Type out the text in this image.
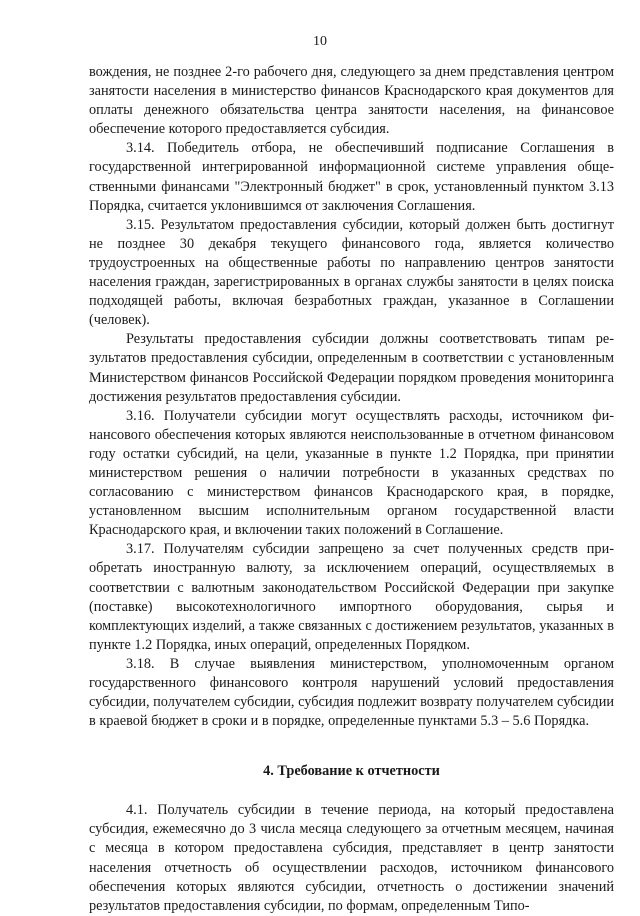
10

вождения, не позднее 2-го рабочего дня, следующего за днем представления центром занятости населения в министерство финансов Краснодарского края документов для оплаты денежного обязательства центра занятости населения, на финансовое обеспечение которого предоставляется субсидия.

3.14. Победитель отбора, не обеспечивший подписание Соглашения в государственной интегрированной информационной системе управления общественными финансами "Электронный бюджет" в срок, установленный пунктом 3.13 Порядка, считается уклонившимся от заключения Соглашения.

3.15. Результатом предоставления субсидии, который должен быть достигнут не позднее 30 декабря текущего финансового года, является количество трудоустроенных на общественные работы по направлению центров занятости населения граждан, зарегистрированных в органах службы занятости в целях поиска подходящей работы, включая безработных граждан, указанное в Соглашении (человек).

Результаты предоставления субсидии должны соответствовать типам результатов предоставления субсидии, определенным в соответствии с установленным Министерством финансов Российской Федерации порядком проведения мониторинга достижения результатов предоставления субсидии.

3.16. Получатели субсидии могут осуществлять расходы, источником финансового обеспечения которых являются неиспользованные в отчетном финансовом году остатки субсидий, на цели, указанные в пункте 1.2 Порядка, при принятии министерством решения о наличии потребности в указанных средствах по согласованию с министерством финансов Краснодарского края, в порядке, установленном высшим исполнительным органом государственной власти Краснодарского края, и включении таких положений в Соглашение.

3.17. Получателям субсидии запрещено за счет полученных средств приобретать иностранную валюту, за исключением операций, осуществляемых в соответствии с валютным законодательством Российской Федерации при закупке (поставке) высокотехнологичного импортного оборудования, сырья и комплектующих изделий, а также связанных с достижением результатов, указанных в пункте 1.2 Порядка, иных операций, определенных Порядком.

3.18. В случае выявления министерством, уполномоченным органом государственного финансового контроля нарушений условий предоставления субсидии, получателем субсидии, субсидия подлежит возврату получателем субсидии в краевой бюджет в сроки и в порядке, определенные пунктами 5.3 – 5.6 Порядка.

4. Требование к отчетности

4.1. Получатель субсидии в течение периода, на который предоставлена субсидия, ежемесячно до 3 числа месяца следующего за отчетным месяцем, начиная с месяца в котором предоставлена субсидия, представляет в центр занятости населения отчетность об осуществлении расходов, источником финансового обеспечения которых являются субсидии, отчетность о достижении значений результатов предоставления субсидии, по формам, определенным Типо-
